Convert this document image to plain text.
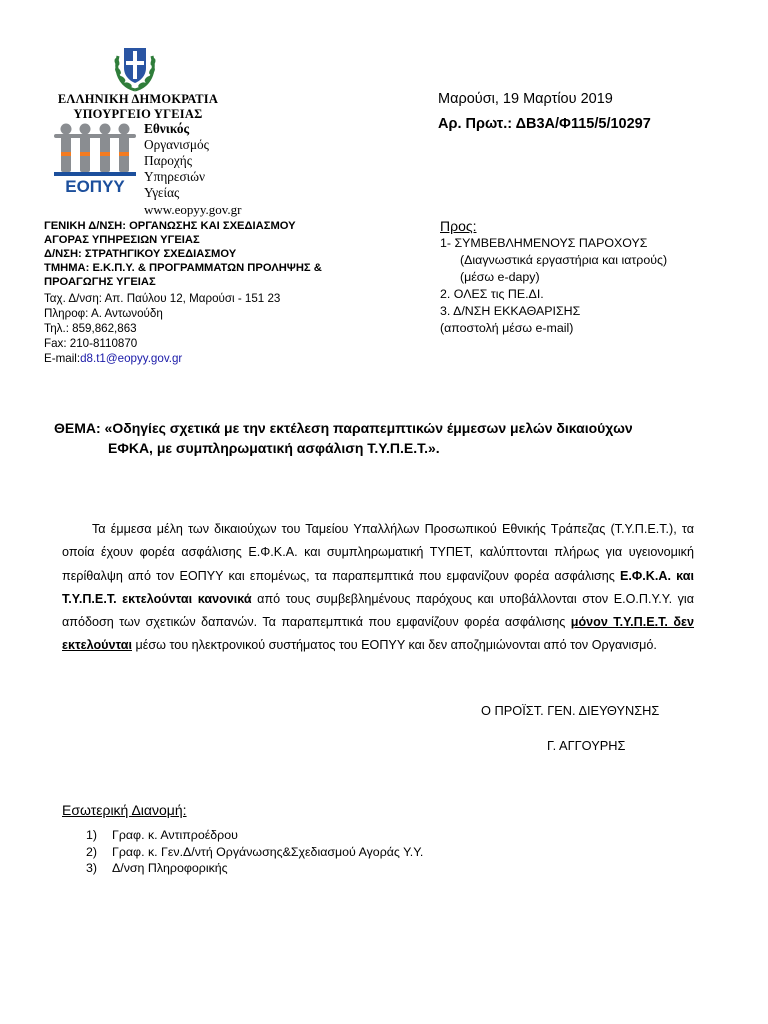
ΕΛΛΗΝΙΚΗ ΔΗΜΟΚΡΑΤΙΑ
ΥΠΟΥΡΓΕΙΟ ΥΓΕΙΑΣ
ΕΟΠΥΥ
Εθνικός
Οργανισμός
Παροχής
Υπηρεσιών
Υγείας
www.eopyy.gov.gr
ΓΕΝΙΚΗ Δ/ΝΣΗ: ΟΡΓΑΝΩΣΗΣ ΚΑΙ ΣΧΕΔΙΑΣΜΟΥ
ΑΓΟΡΑΣ ΥΠΗΡΕΣΙΩΝ ΥΓΕΙΑΣ
Δ/ΝΣΗ: ΣΤΡΑΤΗΓΙΚΟΥ ΣΧΕΔΙΑΣΜΟΥ
ΤΜΗΜΑ: Ε.Κ.Π.Υ. & ΠΡΟΓΡΑΜΜΑΤΩΝ ΠΡΟΛΗΨΗΣ &
ΠΡΟΑΓΩΓΗΣ ΥΓΕΙΑΣ
Ταχ. Δ/νση: Απ. Παύλου 12, Μαρούσι - 151 23
Πληροφ: Α. Αντωνούδη
Τηλ.: 859,862,863
Fax: 210-8110870
E-mail:d8.t1@eopyy.gov.gr
Μαρούσι, 19 Μαρτίου 2019
Αρ. Πρωτ.: ΔΒ3Α/Φ115/5/10297
Προς:
1- ΣΥΜΒΕΒΛΗΜΕΝΟΥΣ ΠΑΡΟΧΟΥΣ
(Διαγνωστικά εργαστήρια και ιατρούς)
(μέσω e-dapy)
2. ΟΛΕΣ τις ΠΕ.ΔΙ.
3. Δ/ΝΣΗ ΕΚΚΑΘΑΡΙΣΗΣ
(αποστολή μέσω e-mail)
ΘΕΜΑ: «Οδηγίες σχετικά με την εκτέλεση παραπεμπτικών έμμεσων μελών δικαιούχων
ΕΦΚΑ, με συμπληρωματική ασφάλιση Τ.Υ.Π.Ε.Τ.».
Τα έμμεσα μέλη των δικαιούχων του Ταμείου Υπαλλήλων Προσωπικού Εθνικής Τράπεζας (Τ.Υ.Π.Ε.Τ.), τα οποία έχουν φορέα ασφάλισης Ε.Φ.Κ.Α. και συμπληρωματική ΤΥΠΕΤ, καλύπτονται πλήρως για υγειονομική περίθαλψη από τον ΕΟΠΥΥ και επομένως, τα παραπεμπτικά που εμφανίζουν φορέα ασφάλισης Ε.Φ.Κ.Α. και Τ.Υ.Π.Ε.Τ. εκτελούνται κανονικά από τους συμβεβλημένους παρόχους και υποβάλλονται στον Ε.Ο.Π.Υ.Υ. για απόδοση των σχετικών δαπανών. Τα παραπεμπτικά που εμφανίζουν φορέα ασφάλισης μόνον Τ.Υ.Π.Ε.Τ. δεν εκτελούνται μέσω του ηλεκτρονικού συστήματος του ΕΟΠΥΥ και δεν αποζημιώνονται από τον Οργανισμό.
Ο ΠΡΟΪΣΤ. ΓΕΝ. ΔΙΕΥΘΥΝΣΗΣ
Γ. ΑΓΓΟΥΡΗΣ
Εσωτερική Διανομή:
1) Γραφ. κ. Αντιπροέδρου
2) Γραφ. κ. Γεν.Δ/ντή Οργάνωσης&Σχεδιασμού Αγοράς Υ.Υ.
3) Δ/νση Πληροφορικής
